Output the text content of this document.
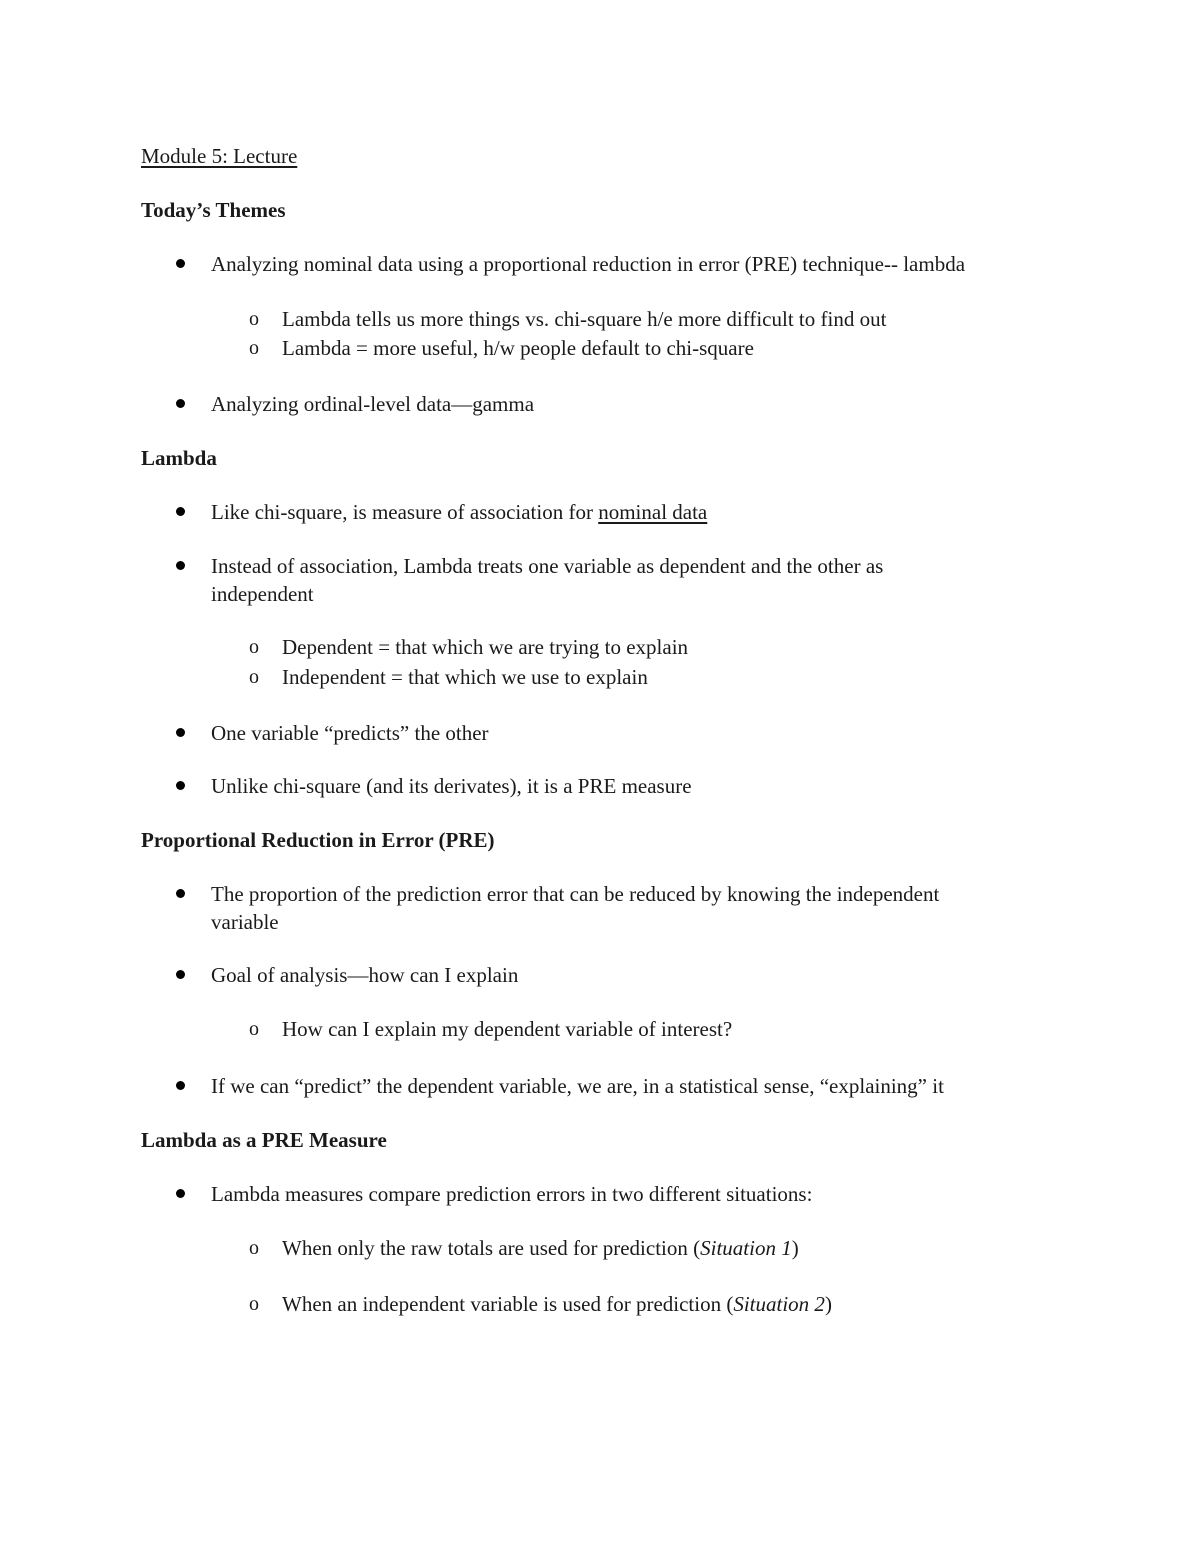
Module 5: Lecture
Today’s Themes
Analyzing nominal data using a proportional reduction in error (PRE) technique-- lambda
o Lambda tells us more things vs. chi-square h/e more difficult to find out
o Lambda = more useful, h/w people default to chi-square
Analyzing ordinal-level data—gamma
Lambda
Like chi-square, is measure of association for nominal data
Instead of association, Lambda treats one variable as dependent and the other as
independent
o Dependent = that which we are trying to explain
o Independent = that which we use to explain
One variable “predicts” the other
Unlike chi-square (and its derivates), it is a PRE measure
Proportional Reduction in Error (PRE)
The proportion of the prediction error that can be reduced by knowing the independent
variable
Goal of analysis—how can I explain
o How can I explain my dependent variable of interest?
If we can “predict” the dependent variable, we are, in a statistical sense, “explaining” it
Lambda as a PRE Measure
Lambda measures compare prediction errors in two different situations:
o When only the raw totals are used for prediction (Situation 1)
o When an independent variable is used for prediction (Situation 2)
